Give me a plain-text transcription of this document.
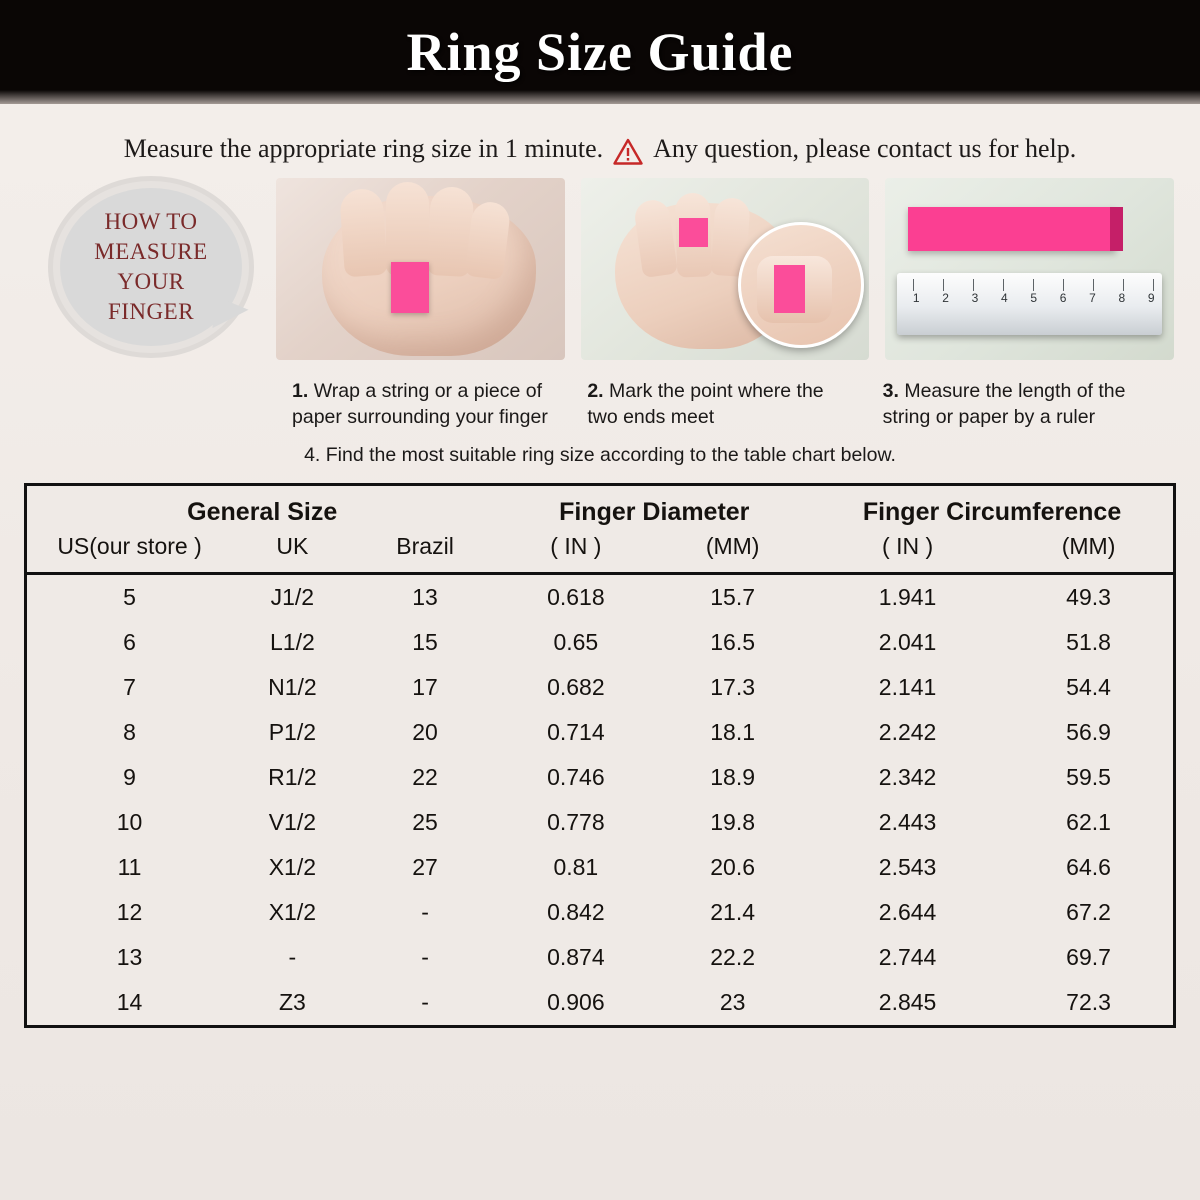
Ring Size Guide
Measure the appropriate ring size in 1 minute. Any question, please contact us for help.
HOW TO
MEASURE
YOUR
FINGER
1 2 3 4 5 6 7 8 9
1. Wrap a string or a piece of paper surrounding your finger
2. Mark the point where the two ends meet
3. Measure the length of the string or paper by a ruler
4. Find the most suitable ring size according to the table chart below.
General Size			Finger Diameter		Finger Circumference	
US(our store )	UK	Brazil	( IN )	(MM)	( IN )	(MM)
5	J1/2	13	0.618	15.7	1.941	49.3
6	L1/2	15	0.65	16.5	2.041	51.8
7	N1/2	17	0.682	17.3	2.141	54.4
8	P1/2	20	0.714	18.1	2.242	56.9
9	R1/2	22	0.746	18.9	2.342	59.5
10	V1/2	25	0.778	19.8	2.443	62.1
11	X1/2	27	0.81	20.6	2.543	64.6
12	X1/2	-	0.842	21.4	2.644	67.2
13	-	-	0.874	22.2	2.744	69.7
14	Z3	-	0.906	23	2.845	72.3
